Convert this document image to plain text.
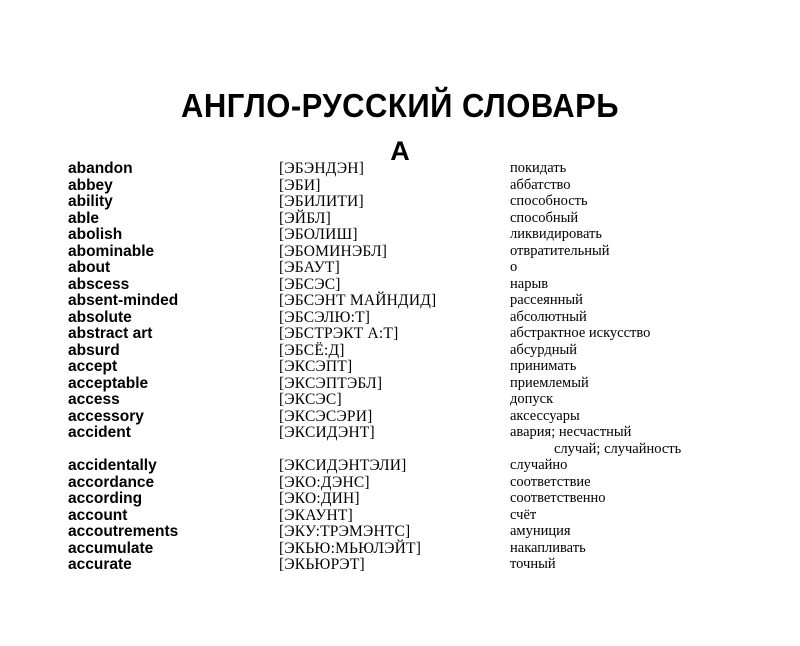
АНГЛО-РУССКИЙ СЛОВАРЬ
А
abandon	[ЭБЭНДЭН]	покидать
abbey	[ЭБИ]	аббатство
ability	[ЭБИЛИТИ]	способность
able	[ЭЙБЛ]	способный
abolish	[ЭБОЛИШ]	ликвидировать
abominable	[ЭБОМИНЭБЛ]	отвратительный
about	[ЭБАУТ]	о
abscess	[ЭБСЭС]	нарыв
absent-minded	[ЭБСЭНТ МАЙНДИД]	рассеянный
absolute	[ЭБСЭЛЮ:Т]	абсолютный
abstract art	[ЭБСТРЭКТ А:Т]	абстрактное искусство
absurd	[ЭБСЁ:Д]	абсурдный
accept	[ЭКСЭПТ]	принимать
acceptable	[ЭКСЭПТЭБЛ]	приемлемый
access	[ЭКСЭС]	допуск
accessory	[ЭКСЭСЭРИ]	аксессуары
accident	[ЭКСИДЭНТ]	авария; несчастный
случай; случайность
accidentally	[ЭКСИДЭНТЭЛИ]	случайно
accordance	[ЭКО:ДЭНС]	соответствие
according	[ЭКО:ДИН]	соответственно
account	[ЭКАУНТ]	счёт
accoutrements	[ЭКУ:ТРЭМЭНТС]	амуниция
accumulate	[ЭКЬЮ:МЬЮЛЭЙТ]	накапливать
accurate	[ЭКЬЮРЭТ]	точный
